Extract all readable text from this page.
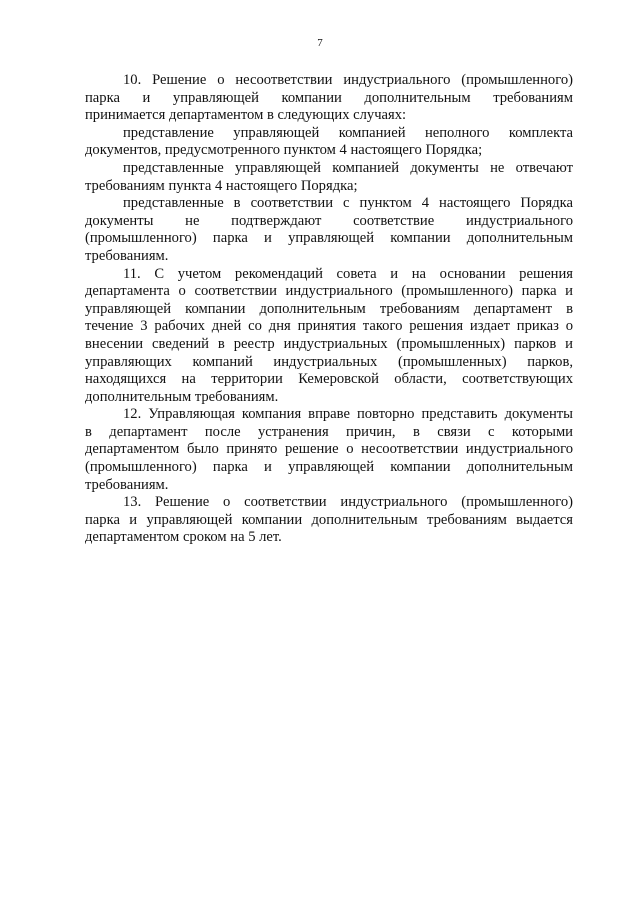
7
10. Решение о несоответствии индустриального (промышленного)
парка и управляющей компании дополнительным требованиям
принимается департаментом в следующих случаях:
представление управляющей компанией неполного комплекта
документов, предусмотренного пунктом 4 настоящего Порядка;
представленные управляющей компанией документы не отвечают
требованиям пункта 4 настоящего Порядка;
представленные в соответствии с пунктом 4 настоящего Порядка
документы не подтверждают соответствие индустриального
(промышленного) парка и управляющей компании дополнительным
требованиям.
11. С учетом рекомендаций совета и на основании решения
департамента о соответствии индустриального (промышленного) парка и
управляющей компании дополнительным требованиям департамент в
течение 3 рабочих дней со дня принятия такого решения издает приказ о
внесении сведений в реестр индустриальных (промышленных) парков и
управляющих компаний индустриальных (промышленных) парков,
находящихся на территории Кемеровской области, соответствующих
дополнительным требованиям.
12. Управляющая компания вправе повторно представить документы
в департамент после устранения причин, в связи с которыми
департаментом было принято решение о несоответствии индустриального
(промышленного) парка и управляющей компании дополнительным
требованиям.
13. Решение о соответствии индустриального (промышленного)
парка и управляющей компании дополнительным требованиям выдается
департаментом сроком на 5 лет.
